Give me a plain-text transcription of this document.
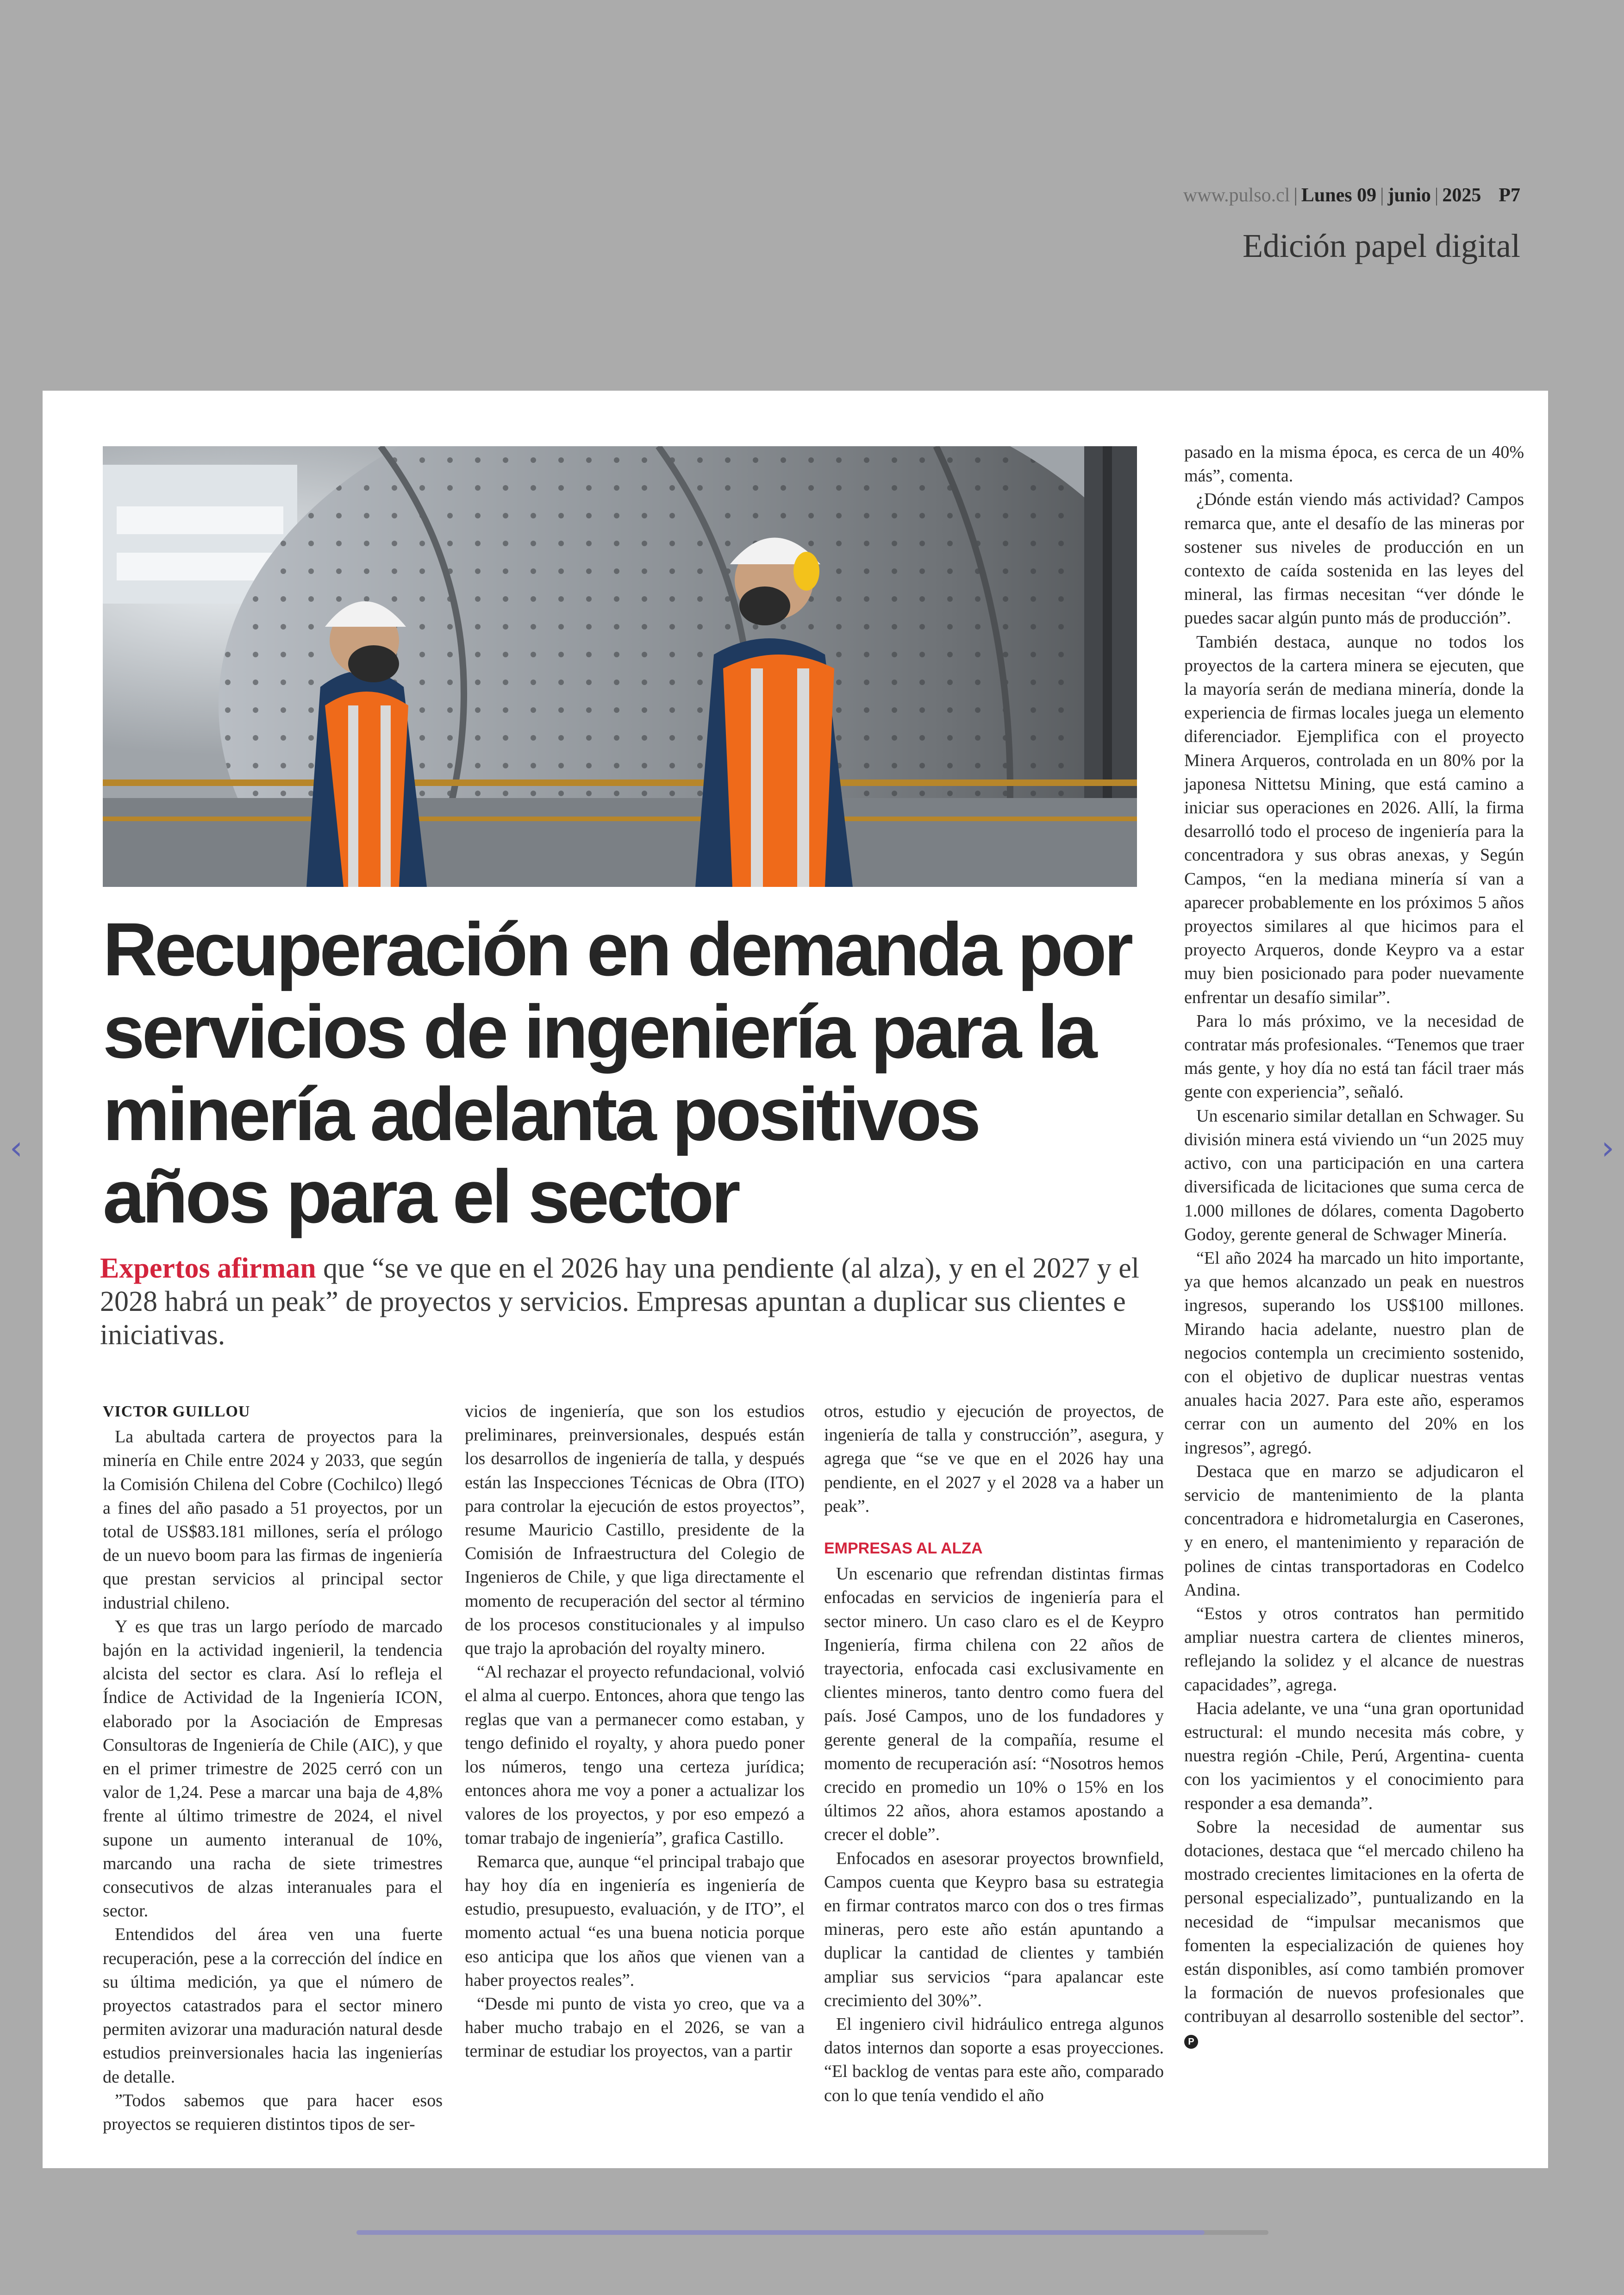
www.pulso.cl | Lunes 09 | junio | 2025 P7
Edición papel digital
Recuperación en demanda por servicios de ingeniería para la minería adelanta positivos años para el sector

Expertos afirman que “se ve que en el 2026 hay una pendiente (al alza), y en el 2027 y el 2028 habrá un peak” de proyectos y servicios. Empresas apuntan a duplicar sus clientes e iniciativas.

VICTOR GUILLOU

La abultada cartera de proyectos para la minería en Chile entre 2024 y 2033, que según la Comisión Chilena del Cobre (Cochilco) llegó a fines del año pasado a 51 proyectos, por un total de US$83.181 millones, sería el prólogo de un nuevo boom para las firmas de ingeniería que prestan servicios al principal sector industrial chileno.

Y es que tras un largo período de marcado bajón en la actividad ingenieril, la tendencia alcista del sector es clara. Así lo refleja el Índice de Actividad de la Ingeniería ICON, elaborado por la Asociación de Empresas Consultoras de Ingeniería de Chile (AIC), y que en el primer trimestre de 2025 cerró con un valor de 1,24. Pese a marcar una baja de 4,8% frente al último trimestre de 2024, el nivel supone un aumento interanual de 10%, marcando una racha de siete trimestres consecutivos de alzas interanuales para el sector.

Entendidos del área ven una fuerte recuperación, pese a la corrección del índice en su última medición, ya que el número de proyectos catastrados para el sector minero permiten avizorar una maduración natural desde estudios preinversionales hacia las ingenierías de detalle.

”Todos sabemos que para hacer esos proyectos se requieren distintos tipos de ser-

vicios de ingeniería, que son los estudios preliminares, preinversionales, después están los desarrollos de ingeniería de talla, y después están las Inspecciones Técnicas de Obra (ITO) para controlar la ejecución de estos proyectos”, resume Mauricio Castillo, presidente de la Comisión de Infraestructura del Colegio de Ingenieros de Chile, y que liga directamente el momento de recuperación del sector al término de los procesos constitucionales y al impulso que trajo la aprobación del royalty minero.

“Al rechazar el proyecto refundacional, volvió el alma al cuerpo. Entonces, ahora que tengo las reglas que van a permanecer como estaban, y tengo definido el royalty, y ahora puedo poner los números, tengo una certeza jurídica; entonces ahora me voy a poner a actualizar los valores de los proyectos, y por eso empezó a tomar trabajo de ingeniería”, grafica Castillo.

Remarca que, aunque “el principal trabajo que hay hoy día en ingeniería es ingeniería de estudio, presupuesto, evaluación, y de ITO”, el momento actual “es una buena noticia porque eso anticipa que los años que vienen van a haber proyectos reales”.

“Desde mi punto de vista yo creo, que va a haber mucho trabajo en el 2026, se van a terminar de estudiar los proyectos, van a partir

otros, estudio y ejecución de proyectos, de ingeniería de talla y construcción”, asegura, y agrega que “se ve que en el 2026 hay una pendiente, en el 2027 y el 2028 va a haber un peak”.

EMPRESAS AL ALZA

Un escenario que refrendan distintas firmas enfocadas en servicios de ingeniería para el sector minero. Un caso claro es el de Keypro Ingeniería, firma chilena con 22 años de trayectoria, enfocada casi exclusivamente en clientes mineros, tanto dentro como fuera del país. José Campos, uno de los fundadores y gerente general de la compañía, resume el momento de recuperación así: “Nosotros hemos crecido en promedio un 10% o 15% en los últimos 22 años, ahora estamos apostando a crecer el doble”.

Enfocados en asesorar proyectos brownfield, Campos cuenta que Keypro basa su estrategia en firmar contratos marco con dos o tres firmas mineras, pero este año están apuntando a duplicar la cantidad de clientes y también ampliar sus servicios “para apalancar este crecimiento del 30%”.

El ingeniero civil hidráulico entrega algunos datos internos dan soporte a esas proyecciones. “El backlog de ventas para este año, comparado con lo que tenía vendido el año

pasado en la misma época, es cerca de un 40% más”, comenta.

¿Dónde están viendo más actividad? Campos remarca que, ante el desafío de las mineras por sostener sus niveles de producción en un contexto de caída sostenida en las leyes del mineral, las firmas necesitan “ver dónde le puedes sacar algún punto más de producción”.

También destaca, aunque no todos los proyectos de la cartera minera se ejecuten, que la mayoría serán de mediana minería, donde la experiencia de firmas locales juega un elemento diferenciador. Ejemplifica con el proyecto Minera Arqueros, controlada en un 80% por la japonesa Nittetsu Mining, que está camino a iniciar sus operaciones en 2026. Allí, la firma desarrolló todo el proceso de ingeniería para la concentradora y sus obras anexas, y Según Campos, “en la mediana minería sí van a aparecer probablemente en los próximos 5 años proyectos similares al que hicimos para el proyecto Arqueros, donde Keypro va a estar muy bien posicionado para poder nuevamente enfrentar un desafío similar”.

Para lo más próximo, ve la necesidad de contratar más profesionales. “Tenemos que traer más gente, y hoy día no está tan fácil traer más gente con experiencia”, señaló.

Un escenario similar detallan en Schwager. Su división minera está viviendo un “un 2025 muy activo, con una participación en una cartera diversificada de licitaciones que suma cerca de 1.000 millones de dólares, comenta Dagoberto Godoy, gerente general de Schwager Minería.

“El año 2024 ha marcado un hito importante, ya que hemos alcanzado un peak en nuestros ingresos, superando los US$100 millones. Mirando hacia adelante, nuestro plan de negocios contempla un crecimiento sostenido, con el objetivo de duplicar nuestras ventas anuales hacia 2027. Para este año, esperamos cerrar con un aumento del 20% en los ingresos”, agregó.

Destaca que en marzo se adjudicaron el servicio de mantenimiento de la planta concentradora e hidrometalurgia en Caserones, y en enero, el mantenimiento y reparación de polines de cintas transportadoras en Codelco Andina.

“Estos y otros contratos han permitido ampliar nuestra cartera de clientes mineros, reflejando la solidez y el alcance de nuestras capacidades”, agrega.

Hacia adelante, ve una “una gran oportunidad estructural: el mundo necesita más cobre, y nuestra región -Chile, Perú, Argentina- cuenta con los yacimientos y el conocimiento para responder a esa demanda”.

Sobre la necesidad de aumentar sus dotaciones, destaca que “el mercado chileno ha mostrado crecientes limitaciones en la oferta de personal especializado”, puntualizando en la necesidad de “impulsar mecanismos que fomenten la especialización de quienes hoy están disponibles, así como también promover la formación de nuevos profesionales que contribuyan al desarrollo sostenible del sector”. P

‹	›
